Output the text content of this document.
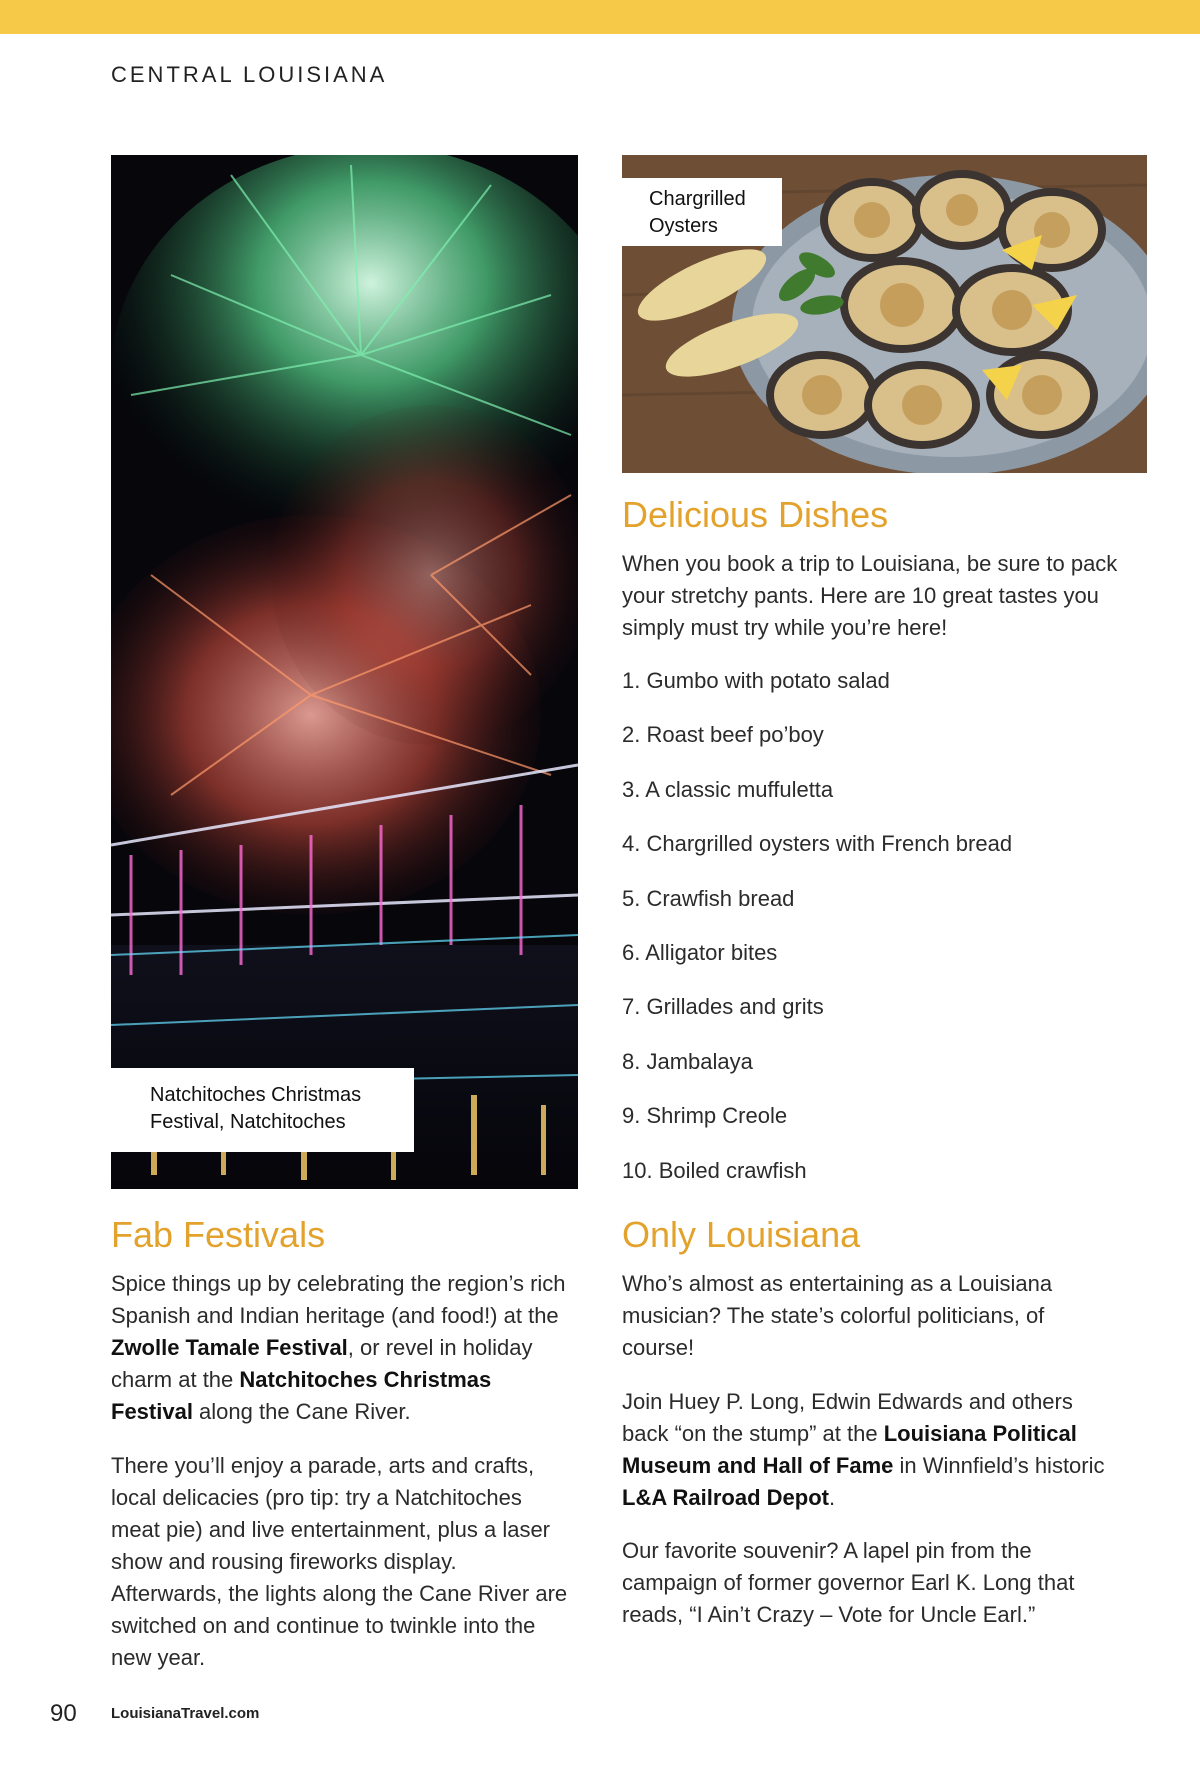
CENTRAL LOUISIANA
Natchitoches Christmas Festival, Natchitoches
Chargrilled Oysters
Delicious Dishes

When you book a trip to Louisiana, be sure to pack your stretchy pants. Here are 10 great tastes you simply must try while you’re here!

1. Gumbo with potato salad
2. Roast beef po’boy
3. A classic muffuletta
4. Chargrilled oysters with French bread
5. Crawfish bread
6. Alligator bites
7. Grillades and grits
8. Jambalaya
9. Shrimp Creole
10. Boiled crawfish
Fab Festivals

Spice things up by celebrating the region’s rich Spanish and Indian heritage (and food!) at the Zwolle Tamale Festival, or revel in holiday charm at the Natchitoches Christmas Festival along the Cane River.

There you’ll enjoy a parade, arts and crafts, local delicacies (pro tip: try a Natchitoches meat pie) and live entertainment, plus a laser show and rousing fireworks display. Afterwards, the lights along the Cane River are switched on and continue to twinkle into the new year.

Only Louisiana

Who’s almost as entertaining as a Louisiana musician? The state’s colorful politicians, of course!

Join Huey P. Long, Edwin Edwards and others back “on the stump” at the Louisiana Political Museum and Hall of Fame in Winnfield’s historic L&A Railroad Depot.

Our favorite souvenir? A lapel pin from the campaign of former governor Earl K. Long that reads, “I Ain’t Crazy – Vote for Uncle Earl.”

90 LouisianaTravel.com
